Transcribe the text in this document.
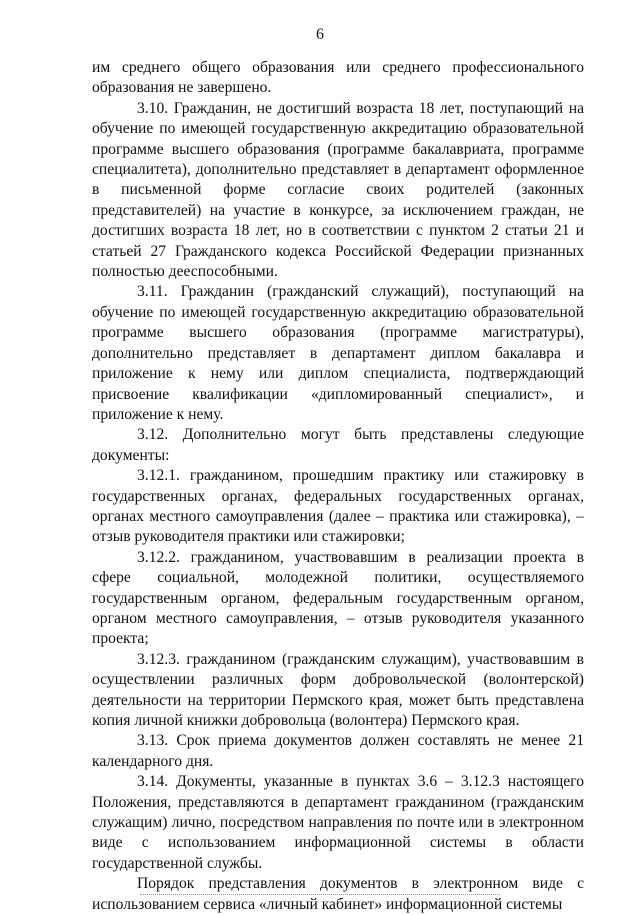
6

им среднего общего образования или среднего профессионального образования не завершено.

3.10. Гражданин, не достигший возраста 18 лет, поступающий на обучение по имеющей государственную аккредитацию образовательной программе высшего образования (программе бакалавриата, программе специалитета), дополнительно представляет в департамент оформленное в письменной форме согласие своих родителей (законных представителей) на участие в конкурсе, за исключением граждан, не достигших возраста 18 лет, но в соответствии с пунктом 2 статьи 21 и статьей 27 Гражданского кодекса Российской Федерации признанных полностью дееспособными.

3.11. Гражданин (гражданский служащий), поступающий на обучение по имеющей государственную аккредитацию образовательной программе высшего образования (программе магистратуры), дополнительно представляет в департамент диплом бакалавра и приложение к нему или диплом специалиста, подтверждающий присвоение квалификации «дипломированный специалист», и приложение к нему.

3.12. Дополнительно могут быть представлены следующие документы:

3.12.1. гражданином, прошедшим практику или стажировку в государственных органах, федеральных государственных органах, органах местного самоуправления (далее – практика или стажировка), – отзыв руководителя практики или стажировки;

3.12.2. гражданином, участвовавшим в реализации проекта в сфере социальной, молодежной политики, осуществляемого государственным органом, федеральным государственным органом, органом местного самоуправления, – отзыв руководителя указанного проекта;

3.12.3. гражданином (гражданским служащим), участвовавшим в осуществлении различных форм добровольческой (волонтерской) деятельности на территории Пермского края, может быть представлена копия личной книжки добровольца (волонтера) Пермского края.

3.13. Срок приема документов должен составлять не менее 21 календарного дня.

3.14. Документы, указанные в пунктах 3.6 – 3.12.3 настоящего Положения, представляются в департамент гражданином (гражданским служащим) лично, посредством направления по почте или в электронном виде с использованием информационной системы в области государственной службы.

Порядок представления документов в электронном виде с использованием сервиса «личный кабинет» информационной системы
